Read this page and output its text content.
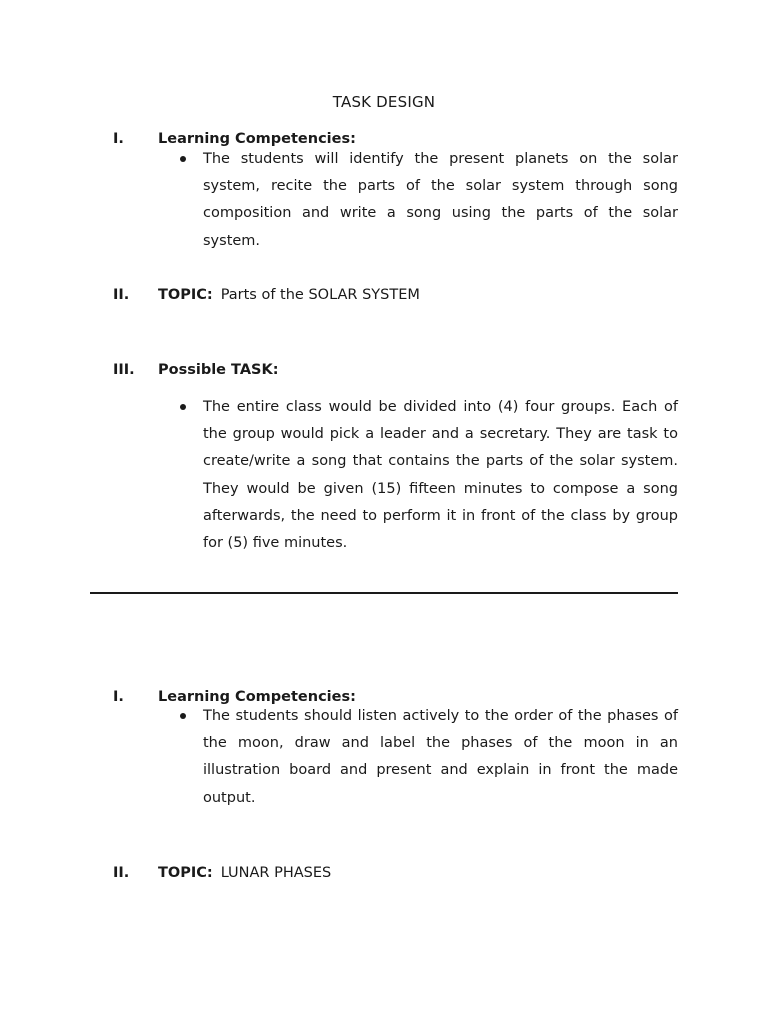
TASK DESIGN
I. Learning Competencies:
The students will identify the present planets on the solar system, recite the parts of the solar system through song composition and write a song using the parts of the solar system.
II. TOPIC: Parts of the SOLAR SYSTEM
III. Possible TASK:
The entire class would be divided into (4) four groups. Each of the group would pick a leader and a secretary. They are task to create/write a song that contains the parts of the solar system. They would be given (15) fifteen minutes to compose a song afterwards, the need to perform it in front of the class by group for (5) five minutes.
I. Learning Competencies:
The students should listen actively to the order of the phases of the moon, draw and label the phases of the moon in an illustration board and present and explain in front the made output.
II. TOPIC: LUNAR PHASES
